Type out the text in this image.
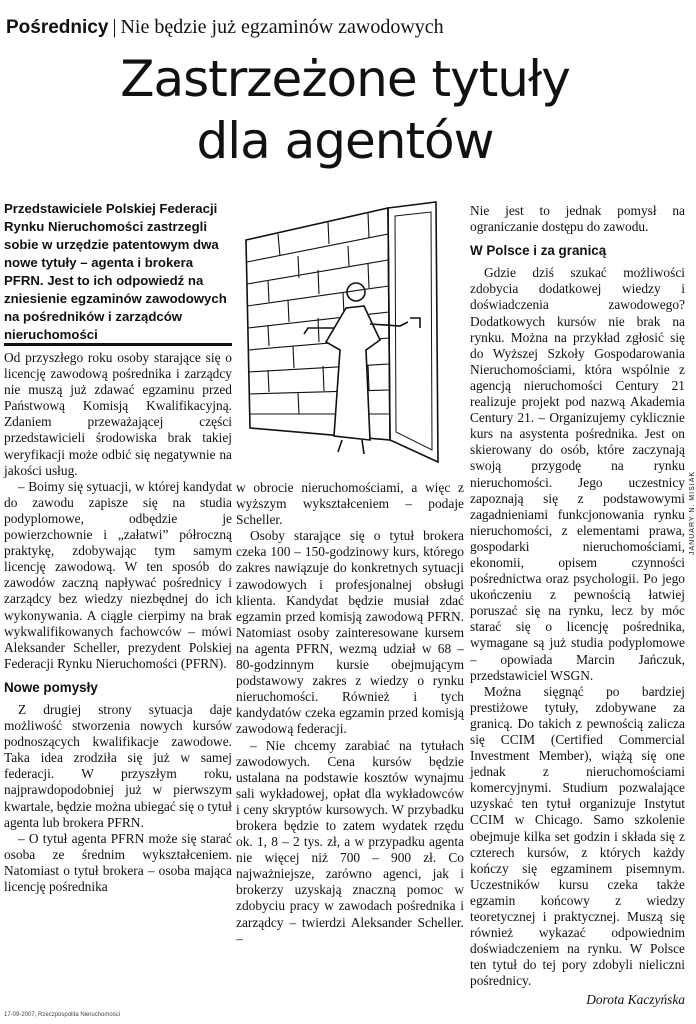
Pośrednicy | Nie będzie już egzaminów zawodowych
Zastrzeżone tytuły
dla agentów
Przedstawiciele Polskiej Federacji Rynku Nieruchomości zastrzegli sobie w urzędzie patentowym dwa nowe tytuły – agenta i brokera PFRN. Jest to ich odpowiedź na zniesienie egzaminów zawodowych na pośredników i zarządców nieruchomości
JANUARY N. MISIAK

Od przyszłego roku osoby starające się o licencję zawodową pośrednika i zarządcy nie muszą już zdawać egzaminu przed Państwową Komisją Kwalifikacyjną. Zdaniem przeważającej części przedstawicieli środowiska brak takiej weryfikacji może odbić się negatywnie na jakości usług.

– Boimy się sytuacji, w której kandydat do zawodu zapisze się na studia podyplomowe, odbędzie je powierzchownie i „załatwi” półroczną praktykę, zdobywając tym samym licencję zawodową. W ten sposób do zawodów zaczną napływać pośrednicy i zarządcy bez wiedzy niezbędnej do ich wykonywania. A ciągle cierpimy na brak wykwalifikowanych fachowców – mówi Aleksander Scheller, prezydent Polskiej Federacji Rynku Nieruchomości (PFRN).

Nowe pomysły

Z drugiej strony sytuacja daje możliwość stworzenia nowych kursów podnoszących kwalifikacje zawodowe. Taka idea zrodziła się już w samej federacji. W przyszłym roku, najprawdopodobniej już w pierwszym kwartale, będzie można ubiegać się o tytuł agenta lub brokera PFRN.

– O tytuł agenta PFRN może się starać osoba ze średnim wykształceniem. Natomiast o tytuł brokera – osoba mająca licencję pośrednika

w obrocie nieruchomościami, a więc z wyższym wykształceniem – podaje Scheller.

Osoby starające się o tytuł brokera czeka 100 – 150-godzinowy kurs, którego zakres nawiązuje do konkretnych sytuacji zawodowych i profesjonalnej obsługi klienta. Kandydat będzie musiał zdać egzamin przed komisją zawodową PFRN. Natomiast osoby zainteresowane kursem na agenta PFRN, wezmą udział w 68 – 80-godzinnym kursie obejmującym podstawowy zakres z wiedzy o rynku nieruchomości. Również i tych kandydatów czeka egzamin przed komisją zawodową federacji.

– Nie chcemy zarabiać na tytułach zawodowych. Cena kursów będzie ustalana na podstawie kosztów wynajmu sali wykładowej, opłat dla wykładowców i ceny skryptów kursowych. W przybadku brokera będzie to zatem wydatek rzędu ok. 1, 8 – 2 tys. zł, a w przypadku agenta nie więcej niż 700 – 900 zł. Co najważniejsze, zarówno agenci, jak i brokerzy uzyskają znaczną pomoc w zdobyciu pracy w zawodach pośrednika i zarządcy – twierdzi Aleksander Scheller. –

Nie jest to jednak pomysł na ograniczanie dostępu do zawodu.

W Polsce i za granicą

Gdzie dziś szukać możliwości zdobycia dodatkowej wiedzy i doświadczenia zawodowego? Dodatkowych kursów nie brak na rynku. Można na przykład zgłosić się do Wyższej Szkoły Gospodarowania Nieruchomościami, która wspólnie z agencją nieruchomości Century 21 realizuje projekt pod nazwą Akademia Century 21. – Organizujemy cyklicznie kurs na asystenta pośrednika. Jest on skierowany do osób, które zaczynają swoją przygodę na rynku nieruchomości. Jego uczestnicy zapoznają się z podstawowymi zagadnieniami funkcjonowania rynku nieruchomości, z elementami prawa, gospodarki nieruchomościami, ekonomii, opisem czynności pośrednictwa oraz psychologii. Po jego ukończeniu z pewnością łatwiej poruszać się na rynku, lecz by móc starać się o licencję pośrednika, wymagane są już studia podyplomowe – opowiada Marcin Jańczuk, przedstawiciel WSGN.

Można sięgnąć po bardziej prestiżowe tytuły, zdobywane za granicą. Do takich z pewnością zalicza się CCIM (Certified Commercial Investment Member), wiążą się one jednak z nieruchomościami komercyjnymi. Studium pozwalające uzyskać ten tytuł organizuje Instytut CCIM w Chicago. Samo szkolenie obejmuje kilka set godzin i składa się z czterech kursów, z których każdy kończy się egzaminem pisemnym. Uczestników kursu czeka także egzamin końcowy z wiedzy teoretycznej i praktycznej. Muszą się również wykazać odpowiednim doświadczeniem na rynku. W Polsce ten tytuł do tej pory zdobyli nieliczni pośrednicy.

Dorota Kaczyńska
17-09-2007, Rzeczpospolita Nieruchomości
